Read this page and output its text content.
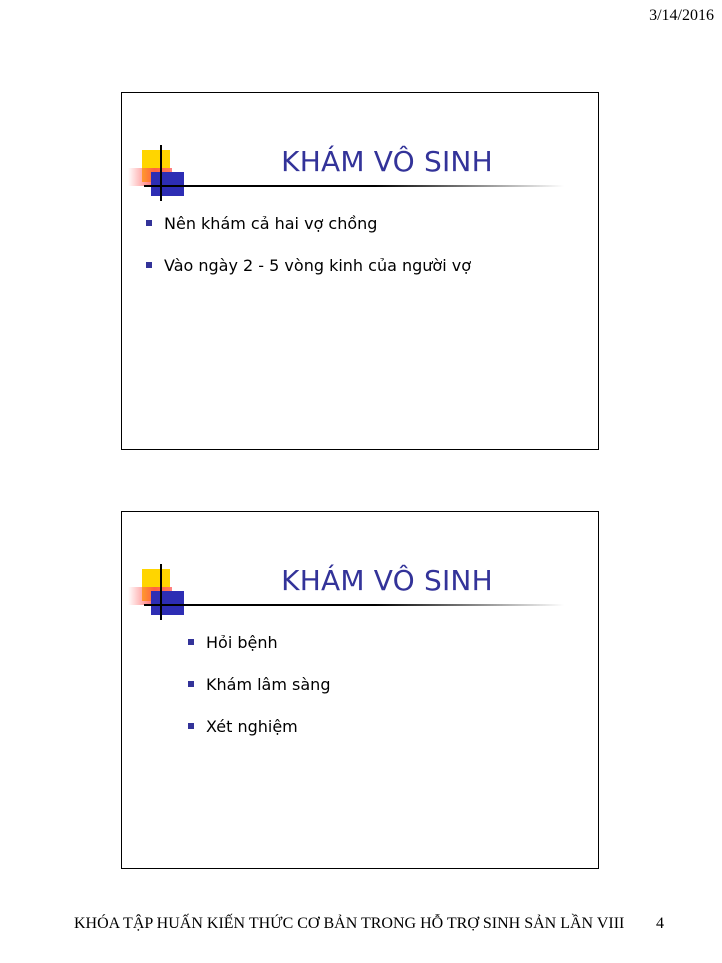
3/14/2016
KHÁM VÔ SINH
Nên khám cả hai vợ chồng
Vào ngày 2 - 5 vòng kinh của người vợ
KHÁM VÔ SINH
Hỏi bệnh
Khám lâm sàng
Xét nghiệm
KHÓA TẬP HUẤN KIẾN THỨC CƠ BẢN TRONG HỖ TRỢ SINH SẢN LẦN VIII 4
